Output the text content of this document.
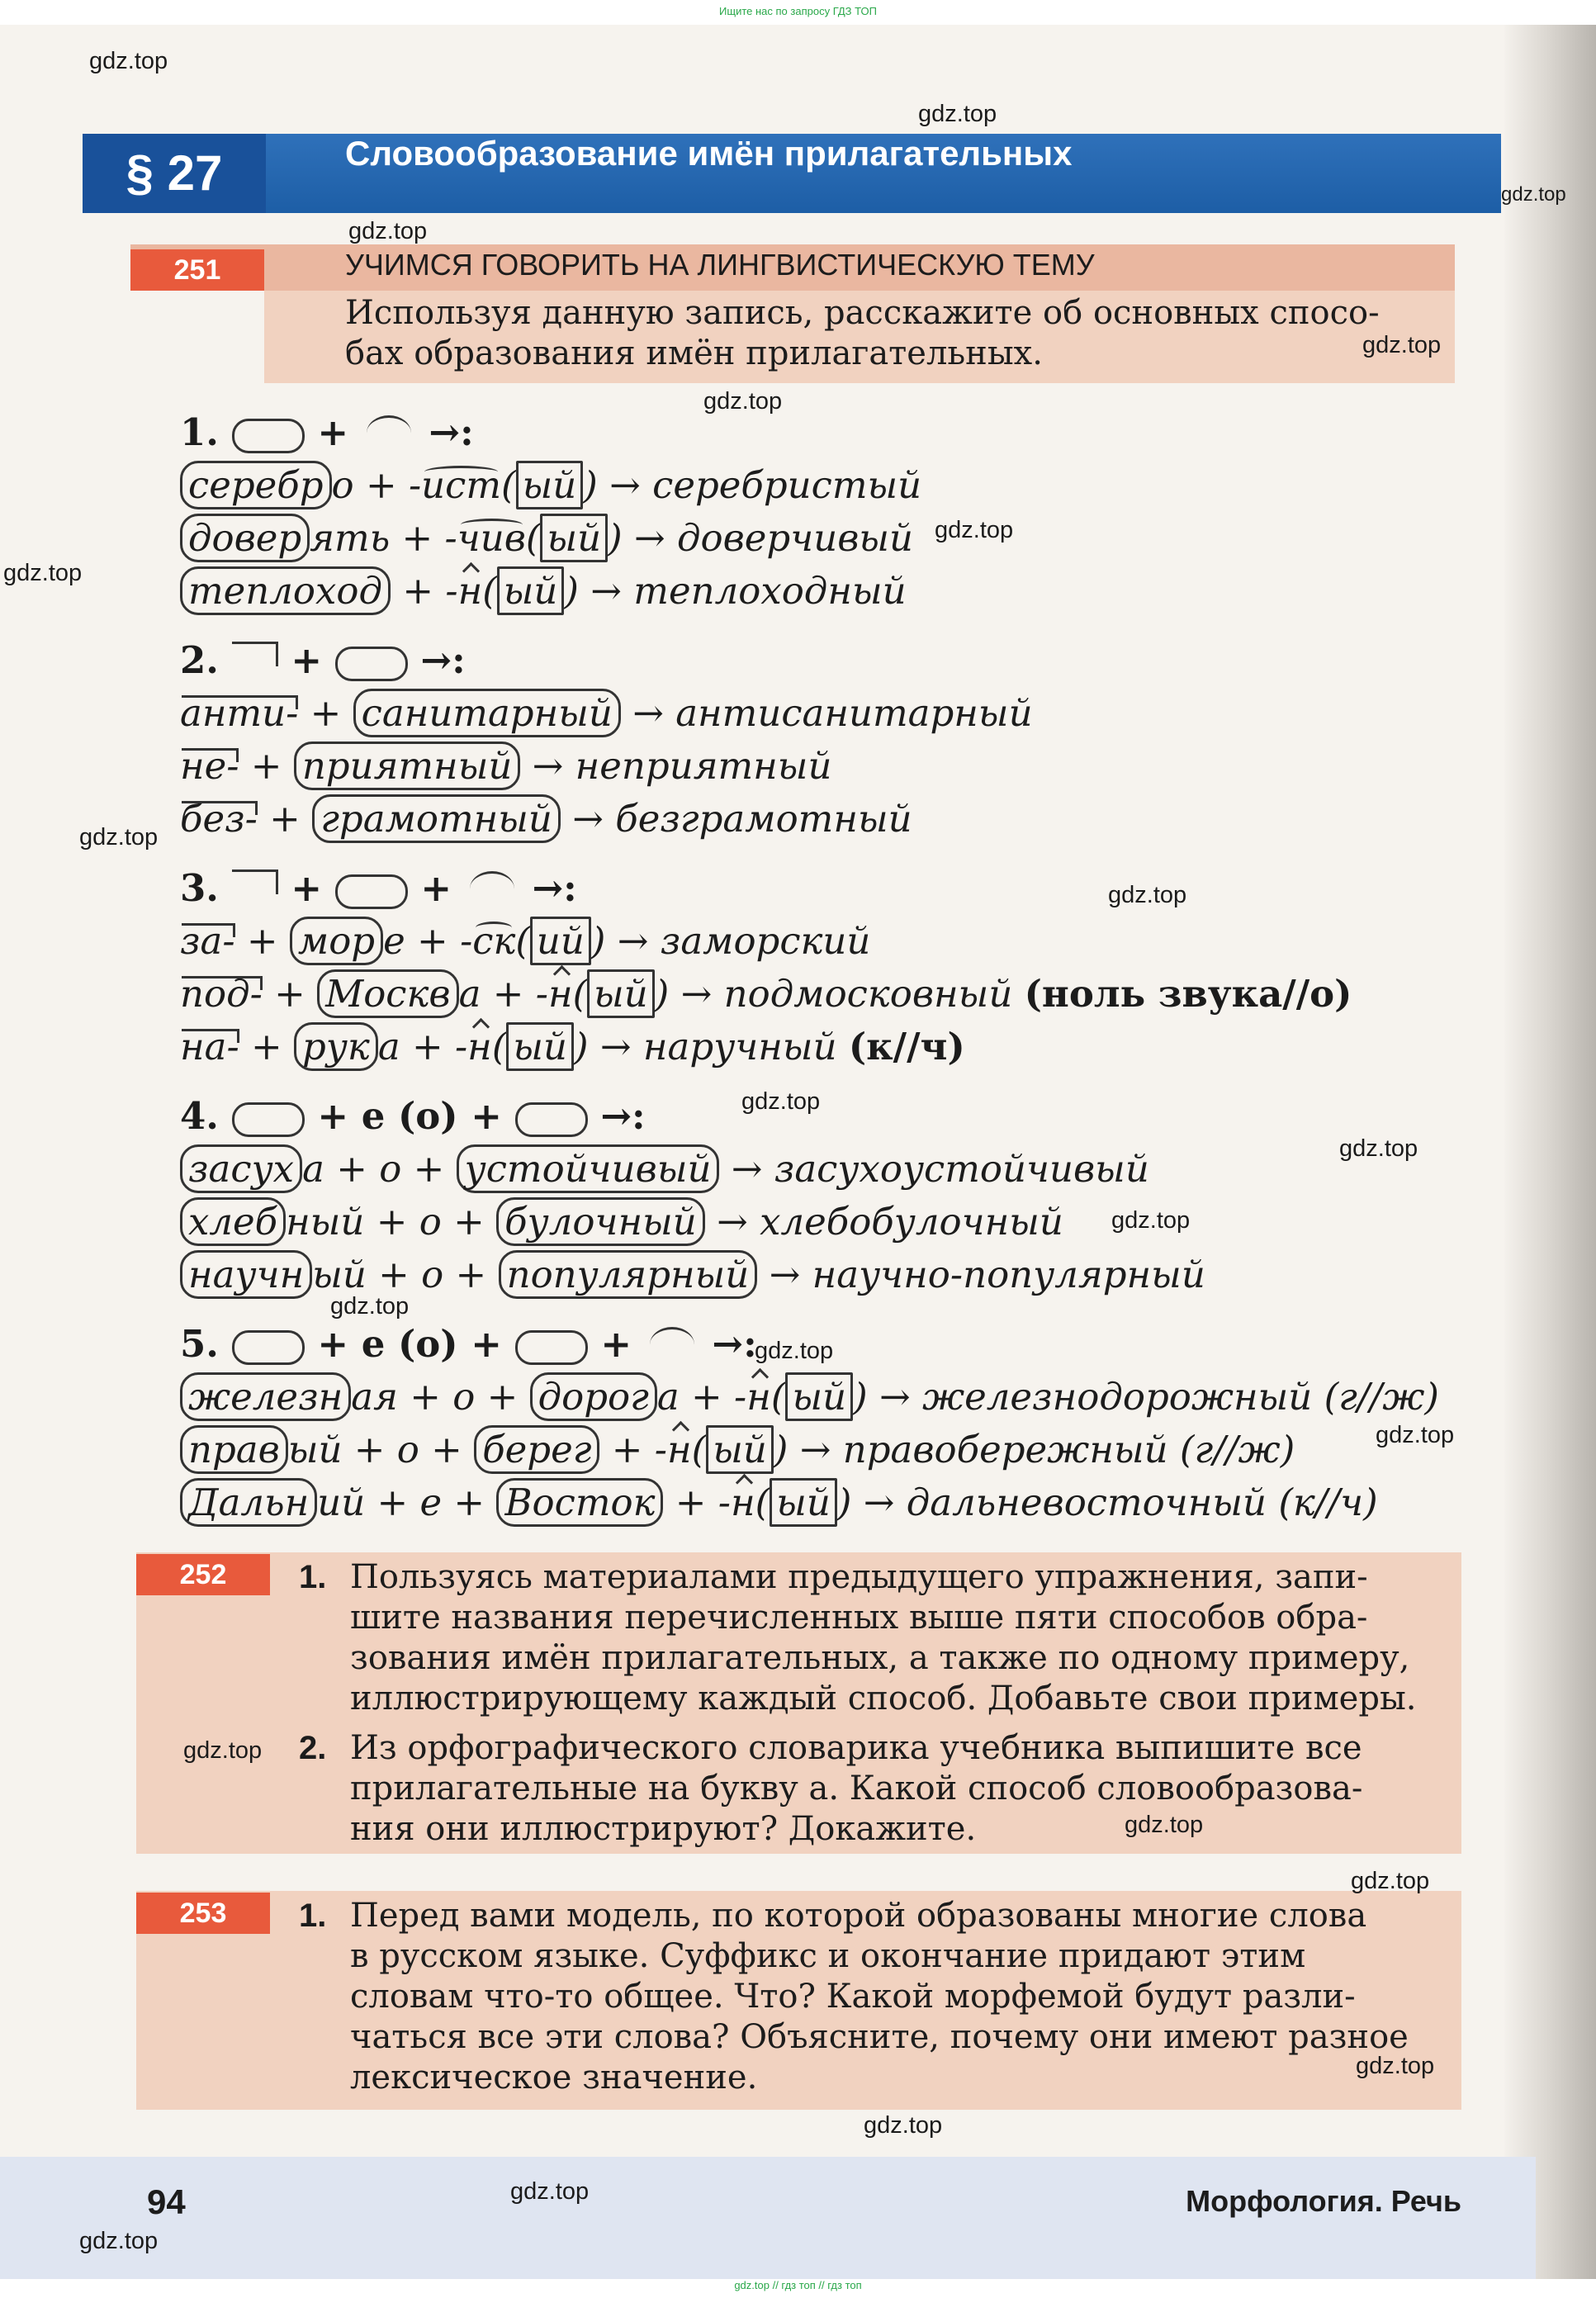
Ищите нас по запросу ГДЗ ТОП
§ 27	Словообразование имён прилагательных
251	УЧИМСЯ ГОВОРИТЬ НА ЛИНГВИСТИЧЕСКУЮ ТЕМУ
Используя данную запись, расскажите об основных спосо-
бах образования имён прилагательных.
1.	+ →:
серебр о + -ист( ый ) → серебристый
довер ять + -чив( ый ) → доверчивый
теплоход + -н( ый ) → теплоходный
2. +	→:
анти- + санитарный → антисанитарный
не- + приятный → неприятный
без- + грамотный → безграмотный
3. +	+ →:
за- + мор е + -ск( ий ) → заморский
под- + Москв а + -н( ый ) → подмосковный (ноль звука//о)
на- + рук а + -н( ый ) → наручный (к//ч)
4.	+ е (о) +	→:
засух а + о + устойчивый → засухоустойчивый
хлеб ный + о + булочный → хлебобулочный
научн ый + о + популярный → научно-популярный
5.	+ е (о) +	+ →:
железн ая + о + дорог а + -н( ый ) → железнодорожный (г//ж)
прав ый + о + берег + -н( ый ) → правобережный (г//ж)
Дальн ий + е + Восток + -н( ый ) → дальневосточный (к//ч)
252	1. Пользуясь материалами предыдущего упражнения, запи-
шите названия перечисленных выше пяти способов обра-
зования имён прилагательных, а также по одному примеру,
иллюстрирующему каждый способ. Добавьте свои примеры.
2. Из орфографического словарика учебника выпишите все
прилагательные на букву а. Какой способ словообразова-
ния они иллюстрируют? Докажите.
253	1. Перед вами модель, по которой образованы многие слова
в русском языке. Суффикс и окончание придают этим
словам что-то общее. Что? Какой морфемой будут разли-
чаться все эти слова? Объясните, почему они имеют разное
лексическое значение.
94	Морфология. Речь
gdz.top
gdz.top
gdz.top
gdz.top
gdz.top
gdz.top
gdz.top
gdz.top
gdz.top
gdz.top
gdz.top
gdz.top
gdz.top
gdz.top
gdz.top
gdz.top
gdz.top
gdz.top
gdz.top
gdz.top
gdz.top
gdz.top
gdz.top
gdz.top // гдз топ // гдз топ
